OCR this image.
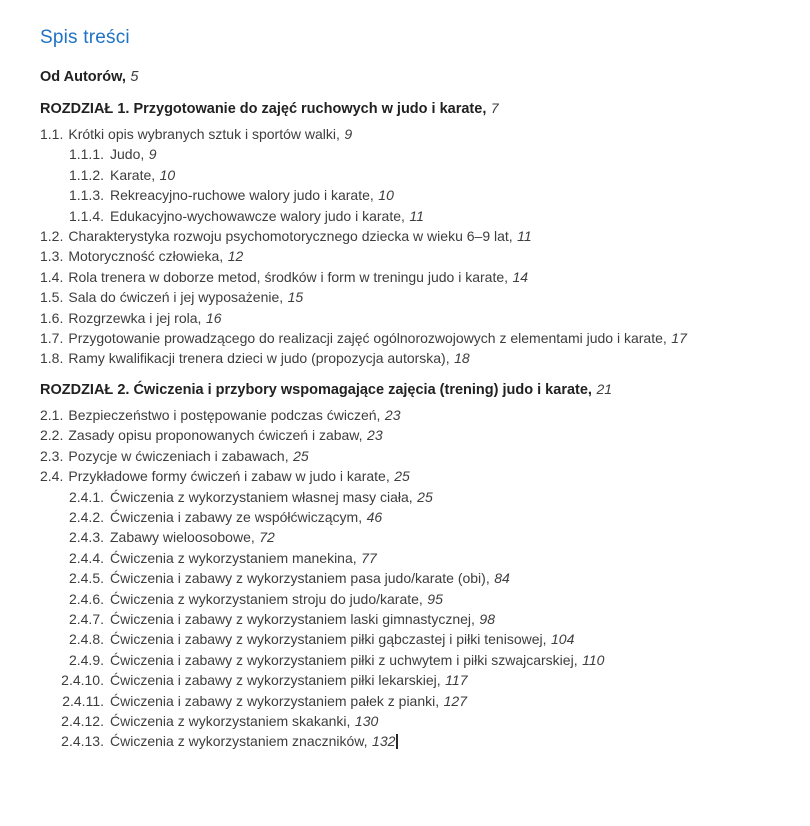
Spis treści
Od Autorów, 5
ROZDZIAŁ 1. Przygotowanie do zajęć ruchowych w judo i karate, 7
1.1. Krótki opis wybranych sztuk i sportów walki, 9
1.1.1. Judo, 9
1.1.2. Karate, 10
1.1.3. Rekreacyjno-ruchowe walory judo i karate, 10
1.1.4. Edukacyjno-wychowawcze walory judo i karate, 11
1.2. Charakterystyka rozwoju psychomotorycznego dziecka w wieku 6–9 lat, 11
1.3. Motoryczność człowieka, 12
1.4. Rola trenera w doborze metod, środków i form w treningu judo i karate, 14
1.5. Sala do ćwiczeń i jej wyposażenie, 15
1.6. Rozgrzewka i jej rola, 16
1.7. Przygotowanie prowadzącego do realizacji zajęć ogólnorozwojowych z elementami judo i karate, 17
1.8. Ramy kwalifikacji trenera dzieci w judo (propozycja autorska), 18
ROZDZIAŁ 2. Ćwiczenia i przybory wspomagające zajęcia (trening) judo i karate, 21
2.1. Bezpieczeństwo i postępowanie podczas ćwiczeń, 23
2.2. Zasady opisu proponowanych ćwiczeń i zabaw, 23
2.3. Pozycje w ćwiczeniach i zabawach, 25
2.4. Przykładowe formy ćwiczeń i zabaw w judo i karate, 25
2.4.1. Ćwiczenia z wykorzystaniem własnej masy ciała, 25
2.4.2. Ćwiczenia i zabawy ze współćwiczącym, 46
2.4.3. Zabawy wieloosobowe, 72
2.4.4. Ćwiczenia z wykorzystaniem manekina, 77
2.4.5. Ćwiczenia i zabawy z wykorzystaniem pasa judo/karate (obi), 84
2.4.6. Ćwiczenia z wykorzystaniem stroju do judo/karate, 95
2.4.7. Ćwiczenia i zabawy z wykorzystaniem laski gimnastycznej, 98
2.4.8. Ćwiczenia i zabawy z wykorzystaniem piłki gąbczastej i piłki tenisowej, 104
2.4.9. Ćwiczenia i zabawy z wykorzystaniem piłki z uchwytem i piłki szwajcarskiej, 110
2.4.10. Ćwiczenia i zabawy z wykorzystaniem piłki lekarskiej, 117
2.4.11. Ćwiczenia i zabawy z wykorzystaniem pałek z pianki, 127
2.4.12. Ćwiczenia z wykorzystaniem skakanki, 130
2.4.13. Ćwiczenia z wykorzystaniem znaczników, 132
